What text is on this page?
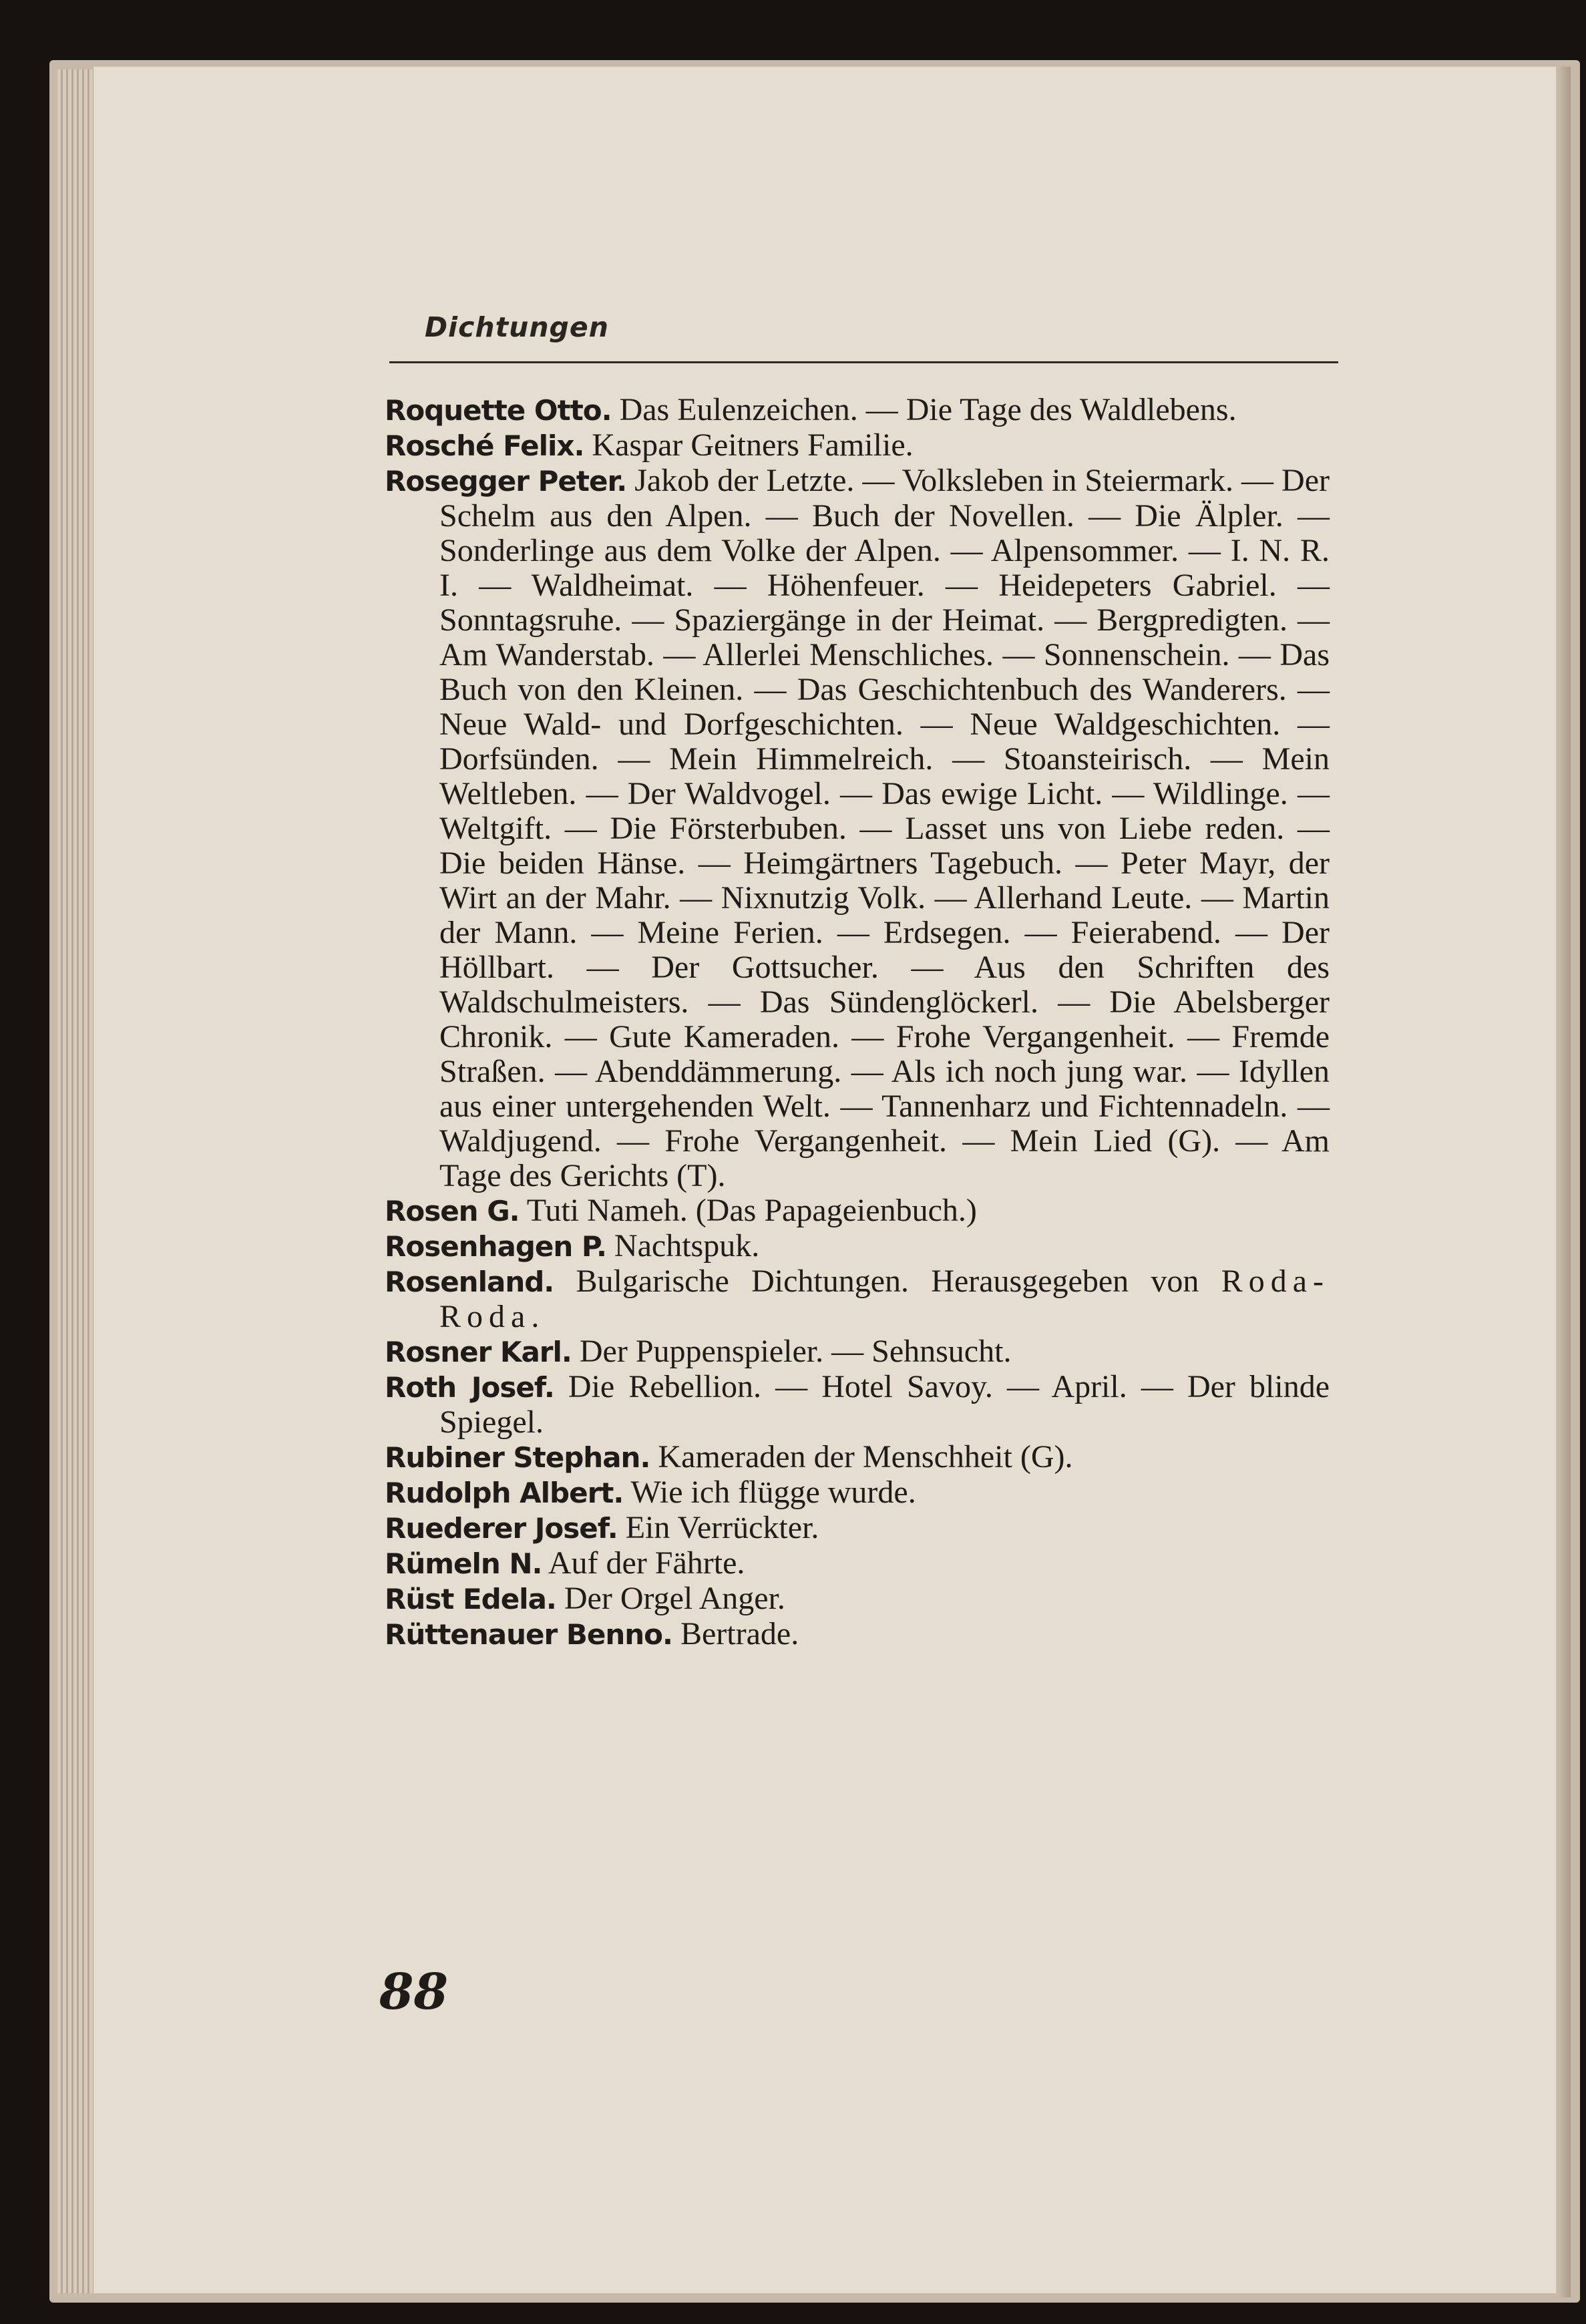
Dichtungen

Roquette Otto. Das Eulenzeichen. — Die Tage des Waldlebens.

Rosché Felix. Kaspar Geitners Familie.

Rosegger Peter. Jakob der Letzte. — Volksleben in Steiermark. — Der Schelm aus den Alpen. — Buch der Novellen. — Die Älpler. — Sonderlinge aus dem Volke der Alpen. — Alpensommer. — I. N. R. I. — Waldheimat. — Höhenfeuer. — Heidepeters Gabriel. — Sonntagsruhe. — Spaziergänge in der Heimat. — Bergpredigten. — Am Wanderstab. — Allerlei Menschliches. — Sonnenschein. — Das Buch von den Kleinen. — Das Geschichtenbuch des Wanderers. — Neue Wald- und Dorfgeschichten. — Neue Waldgeschichten. — Dorfsünden. — Mein Himmelreich. — Stoansteirisch. — Mein Weltleben. — Der Waldvogel. — Das ewige Licht. — Wildlinge. — Weltgift. — Die Försterbuben. — Lasset uns von Liebe reden. — Die beiden Hänse. — Heimgärtners Tagebuch. — Peter Mayr, der Wirt an der Mahr. — Nixnutzig Volk. — Allerhand Leute. — Martin der Mann. — Meine Ferien. — Erdsegen. — Feierabend. — Der Höllbart. — Der Gottsucher. — Aus den Schriften des Waldschulmeisters. — Das Sündenglöckerl. — Die Abelsberger Chronik. — Gute Kameraden. — Frohe Vergangenheit. — Fremde Straßen. — Abenddämmerung. — Als ich noch jung war. — Idyllen aus einer untergehenden Welt. — Tannenharz und Fichtennadeln. — Waldjugend. — Frohe Vergangenheit. — Mein Lied (G). — Am Tage des Gerichts (T).

Rosen G. Tuti Nameh. (Das Papageienbuch.)

Rosenhagen P. Nachtspuk.

Rosenland. Bulgarische Dichtungen. Herausgegeben von Roda-Roda.

Rosner Karl. Der Puppenspieler. — Sehnsucht.

Roth Josef. Die Rebellion. — Hotel Savoy. — April. — Der blinde Spiegel.

Rubiner Stephan. Kameraden der Menschheit (G).

Rudolph Albert. Wie ich flügge wurde.

Ruederer Josef. Ein Verrückter.

Rümeln N. Auf der Fährte.

Rüst Edela. Der Orgel Anger.

Rüttenauer Benno. Bertrade.

88
